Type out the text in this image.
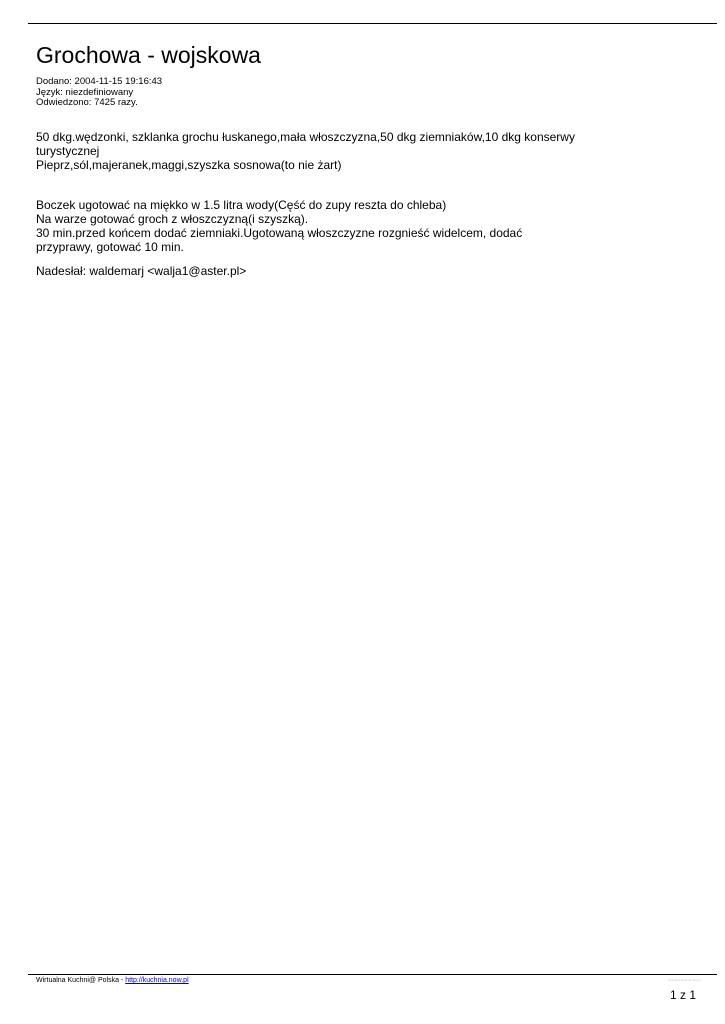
Grochowa - wojskowa
Dodano: 2004-11-15 19:16:43
Język: niezdefiniowany
Odwiedzono: 7425 razy.
50 dkg.wędzonki, szklanka grochu łuskanego,mała włoszczyzna,50 dkg ziemniaków,10 dkg konserwy
turystycznej
Pieprz,sól,majeranek,maggi,szyszka sosnowa(to nie żart)
Boczek ugotować na miękko w 1.5 litra wody(Cęść do zupy reszta do chleba)
Na warze gotować groch z włoszczyzną(i szyszką).
30 min.przed końcem dodać ziemniaki.Ugotowaną włoszczyzne rozgnieść widelcem, dodać
przyprawy, gotować 10 min.
Nadesłał: waldemarj <walja1@aster.pl>
Wirtualna Kuchni@ Polska - http://kuchnia.now.pl	wirtualna.kuchnia.now.pl
1 z 1
